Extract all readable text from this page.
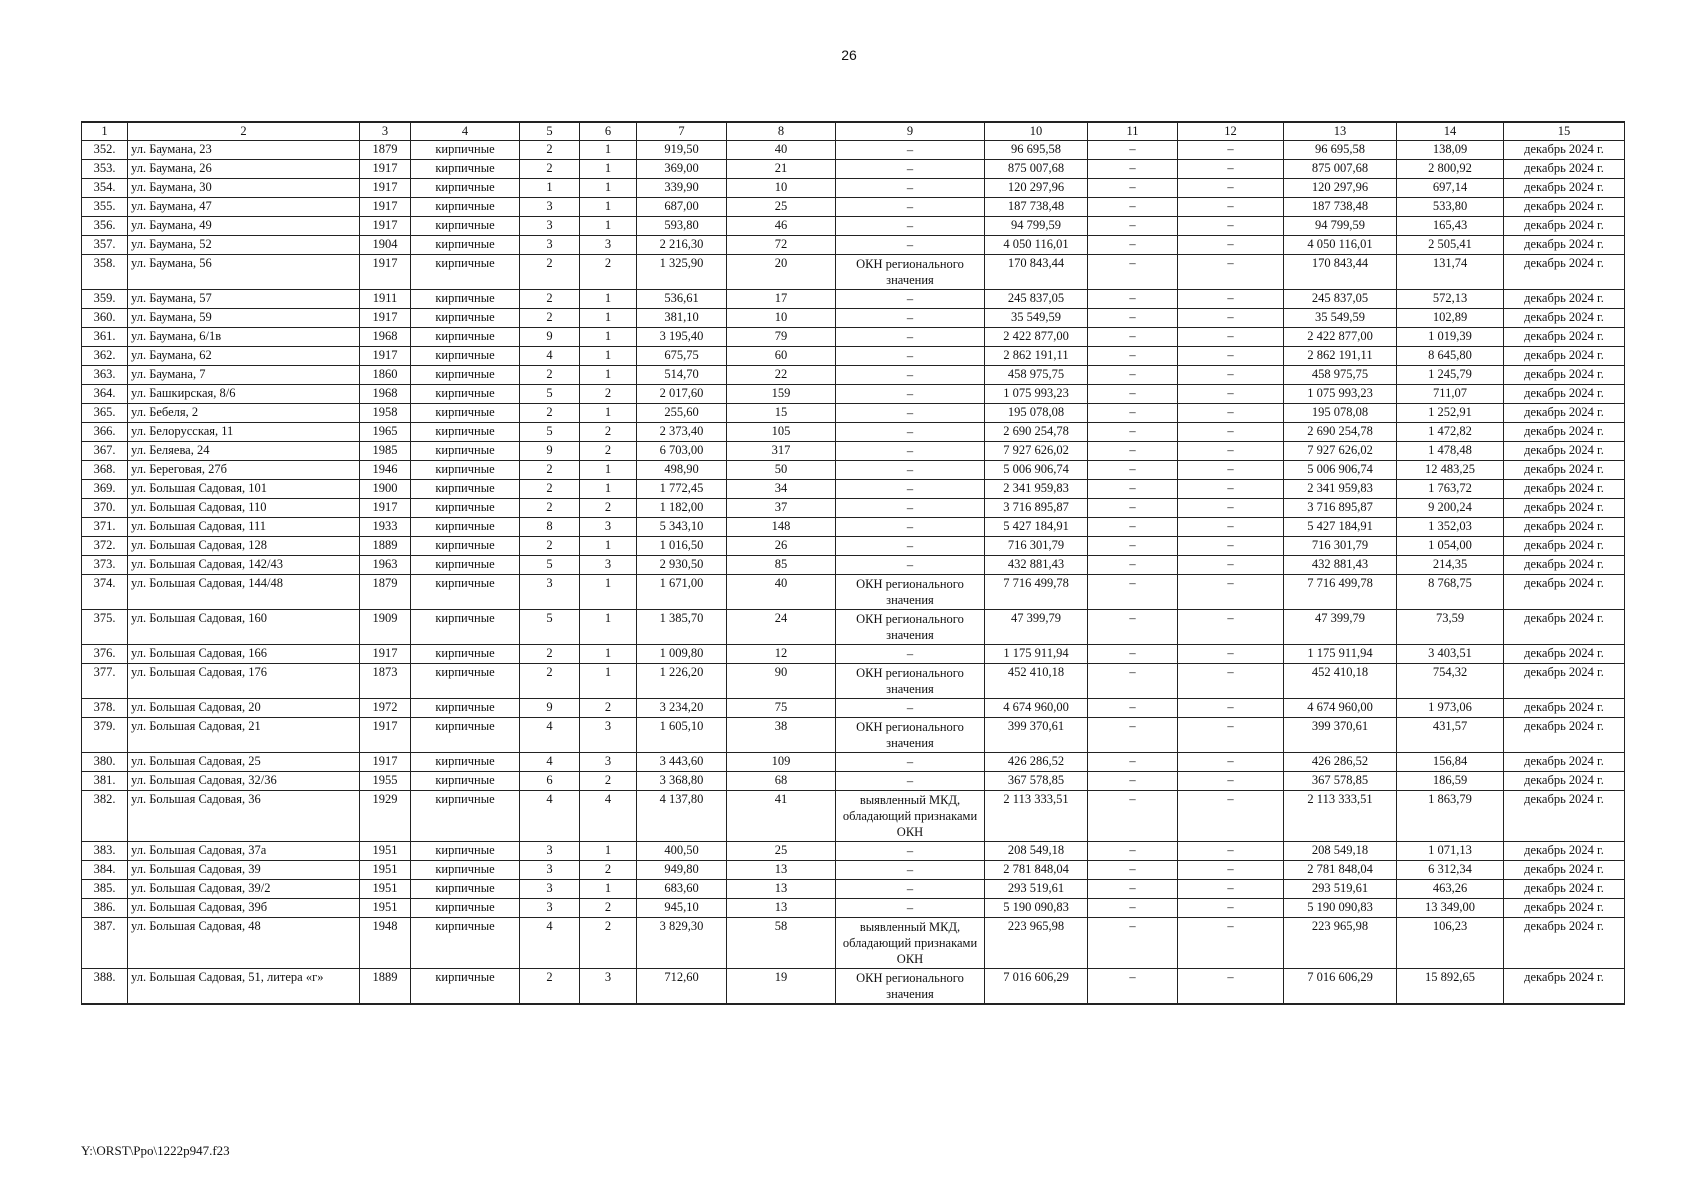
26
1	2	3	4	5	6	7	8	9	10	11	12	13	14	15
352.	ул. Баумана, 23	1879	кирпичные	2	1	919,50	40	–	96 695,58	–	–	96 695,58	138,09	декабрь 2024 г.
353.	ул. Баумана, 26	1917	кирпичные	2	1	369,00	21	–	875 007,68	–	–	875 007,68	2 800,92	декабрь 2024 г.
354.	ул. Баумана, 30	1917	кирпичные	1	1	339,90	10	–	120 297,96	–	–	120 297,96	697,14	декабрь 2024 г.
355.	ул. Баумана, 47	1917	кирпичные	3	1	687,00	25	–	187 738,48	–	–	187 738,48	533,80	декабрь 2024 г.
356.	ул. Баумана, 49	1917	кирпичные	3	1	593,80	46	–	94 799,59	–	–	94 799,59	165,43	декабрь 2024 г.
357.	ул. Баумана, 52	1904	кирпичные	3	3	2 216,30	72	–	4 050 116,01	–	–	4 050 116,01	2 505,41	декабрь 2024 г.
358.	ул. Баумана, 56	1917	кирпичные	2	2	1 325,90	20	ОКН регионального значения	170 843,44	–	–	170 843,44	131,74	декабрь 2024 г.
359.	ул. Баумана, 57	1911	кирпичные	2	1	536,61	17	–	245 837,05	–	–	245 837,05	572,13	декабрь 2024 г.
360.	ул. Баумана, 59	1917	кирпичные	2	1	381,10	10	–	35 549,59	–	–	35 549,59	102,89	декабрь 2024 г.
361.	ул. Баумана, 6/1в	1968	кирпичные	9	1	3 195,40	79	–	2 422 877,00	–	–	2 422 877,00	1 019,39	декабрь 2024 г.
362.	ул. Баумана, 62	1917	кирпичные	4	1	675,75	60	–	2 862 191,11	–	–	2 862 191,11	8 645,80	декабрь 2024 г.
363.	ул. Баумана, 7	1860	кирпичные	2	1	514,70	22	–	458 975,75	–	–	458 975,75	1 245,79	декабрь 2024 г.
364.	ул. Башкирская, 8/6	1968	кирпичные	5	2	2 017,60	159	–	1 075 993,23	–	–	1 075 993,23	711,07	декабрь 2024 г.
365.	ул. Бебеля, 2	1958	кирпичные	2	1	255,60	15	–	195 078,08	–	–	195 078,08	1 252,91	декабрь 2024 г.
366.	ул. Белорусская, 11	1965	кирпичные	5	2	2 373,40	105	–	2 690 254,78	–	–	2 690 254,78	1 472,82	декабрь 2024 г.
367.	ул. Беляева, 24	1985	кирпичные	9	2	6 703,00	317	–	7 927 626,02	–	–	7 927 626,02	1 478,48	декабрь 2024 г.
368.	ул. Береговая, 27б	1946	кирпичные	2	1	498,90	50	–	5 006 906,74	–	–	5 006 906,74	12 483,25	декабрь 2024 г.
369.	ул. Большая Садовая, 101	1900	кирпичные	2	1	1 772,45	34	–	2 341 959,83	–	–	2 341 959,83	1 763,72	декабрь 2024 г.
370.	ул. Большая Садовая, 110	1917	кирпичные	2	2	1 182,00	37	–	3 716 895,87	–	–	3 716 895,87	9 200,24	декабрь 2024 г.
371.	ул. Большая Садовая, 111	1933	кирпичные	8	3	5 343,10	148	–	5 427 184,91	–	–	5 427 184,91	1 352,03	декабрь 2024 г.
372.	ул. Большая Садовая, 128	1889	кирпичные	2	1	1 016,50	26	–	716 301,79	–	–	716 301,79	1 054,00	декабрь 2024 г.
373.	ул. Большая Садовая, 142/43	1963	кирпичные	5	3	2 930,50	85	–	432 881,43	–	–	432 881,43	214,35	декабрь 2024 г.
374.	ул. Большая Садовая, 144/48	1879	кирпичные	3	1	1 671,00	40	ОКН регионального значения	7 716 499,78	–	–	7 716 499,78	8 768,75	декабрь 2024 г.
375.	ул. Большая Садовая, 160	1909	кирпичные	5	1	1 385,70	24	ОКН регионального значения	47 399,79	–	–	47 399,79	73,59	декабрь 2024 г.
376.	ул. Большая Садовая, 166	1917	кирпичные	2	1	1 009,80	12	–	1 175 911,94	–	–	1 175 911,94	3 403,51	декабрь 2024 г.
377.	ул. Большая Садовая, 176	1873	кирпичные	2	1	1 226,20	90	ОКН регионального значения	452 410,18	–	–	452 410,18	754,32	декабрь 2024 г.
378.	ул. Большая Садовая, 20	1972	кирпичные	9	2	3 234,20	75	–	4 674 960,00	–	–	4 674 960,00	1 973,06	декабрь 2024 г.
379.	ул. Большая Садовая, 21	1917	кирпичные	4	3	1 605,10	38	ОКН регионального значения	399 370,61	–	–	399 370,61	431,57	декабрь 2024 г.
380.	ул. Большая Садовая, 25	1917	кирпичные	4	3	3 443,60	109	–	426 286,52	–	–	426 286,52	156,84	декабрь 2024 г.
381.	ул. Большая Садовая, 32/36	1955	кирпичные	6	2	3 368,80	68	–	367 578,85	–	–	367 578,85	186,59	декабрь 2024 г.
382.	ул. Большая Садовая, 36	1929	кирпичные	4	4	4 137,80	41	выявленный МКД, обладающий признаками ОКН	2 113 333,51	–	–	2 113 333,51	1 863,79	декабрь 2024 г.
383.	ул. Большая Садовая, 37а	1951	кирпичные	3	1	400,50	25	–	208 549,18	–	–	208 549,18	1 071,13	декабрь 2024 г.
384.	ул. Большая Садовая, 39	1951	кирпичные	3	2	949,80	13	–	2 781 848,04	–	–	2 781 848,04	6 312,34	декабрь 2024 г.
385.	ул. Большая Садовая, 39/2	1951	кирпичные	3	1	683,60	13	–	293 519,61	–	–	293 519,61	463,26	декабрь 2024 г.
386.	ул. Большая Садовая, 39б	1951	кирпичные	3	2	945,10	13	–	5 190 090,83	–	–	5 190 090,83	13 349,00	декабрь 2024 г.
387.	ул. Большая Садовая, 48	1948	кирпичные	4	2	3 829,30	58	выявленный МКД, обладающий признаками ОКН	223 965,98	–	–	223 965,98	106,23	декабрь 2024 г.
388.	ул. Большая Садовая, 51, литера «г»	1889	кирпичные	2	3	712,60	19	ОКН регионального значения	7 016 606,29	–	–	7 016 606,29	15 892,65	декабрь 2024 г.
Y:\ORST\Ppo\1222p947.f23
